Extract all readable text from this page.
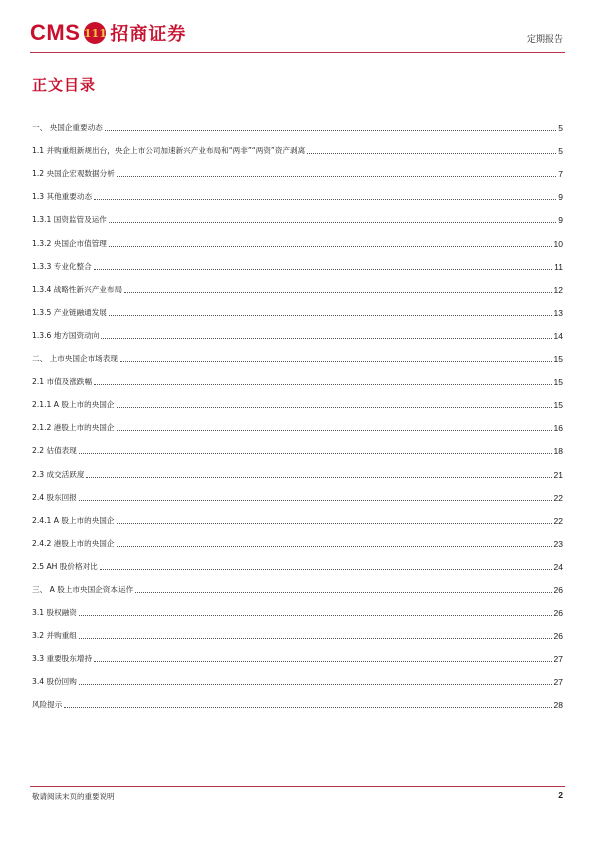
CMS 111 招商证券	定期报告
正文目录
一、 央国企重要动态	5
1.1 并购重组新规出台，央企上市公司加速新兴产业布局和“两非”“两资”资产剥离	5
1.2 央国企宏观数据分析	7
1.3 其他重要动态	9
1.3.1 国资监管及运作	9
1.3.2 央国企市值管理	10
1.3.3 专业化整合	11
1.3.4 战略性新兴产业布局	12
1.3.5 产业链融通发展	13
1.3.6 地方国资动向	14
二、 上市央国企市场表现	15
2.1 市值及涨跌幅	15
2.1.1 A 股上市的央国企	15
2.1.2 港股上市的央国企	16
2.2 估值表现	18
2.3 成交活跃度	21
2.4 股东回报	22
2.4.1 A 股上市的央国企	22
2.4.2 港股上市的央国企	23
2.5 AH 股价格对比	24
三、 A 股上市央国企资本运作	26
3.1 股权融资	26
3.2 并购重组	26
3.3 重要股东增持	27
3.4 股份回购	27
风险提示	28
敬请阅读末页的重要说明	2
